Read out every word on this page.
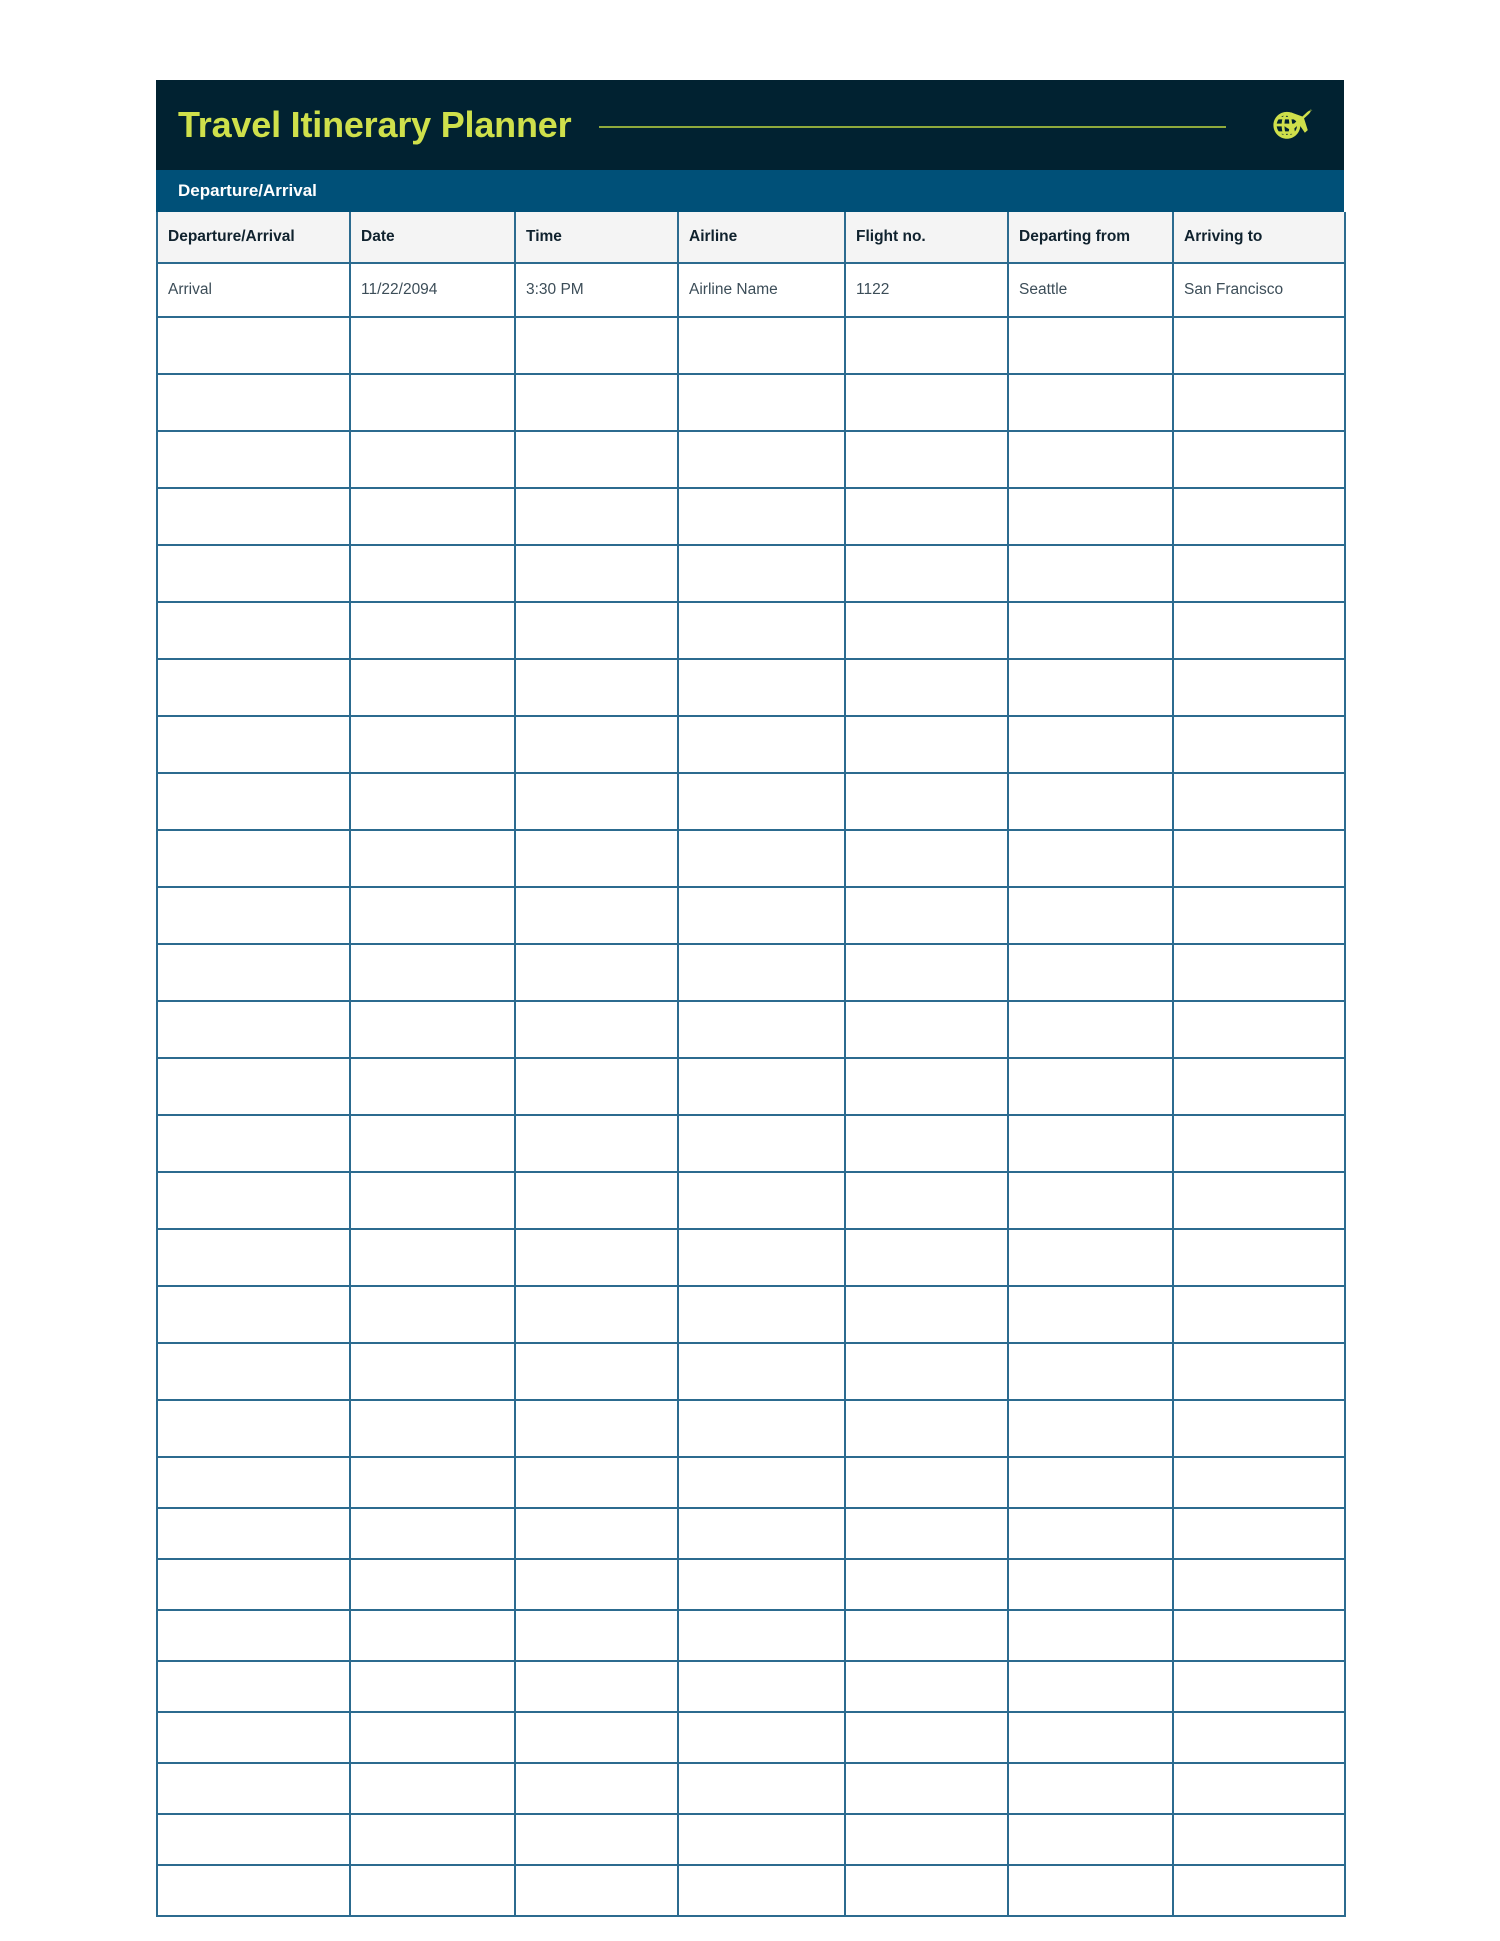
Travel Itinerary Planner
Departure/Arrival
Departure/Arrival	Date	Time	Airline	Flight no.	Departing from	Arriving to
Arrival	11/22/2094	3:30 PM	Airline Name	1122	Seattle	San Francisco
